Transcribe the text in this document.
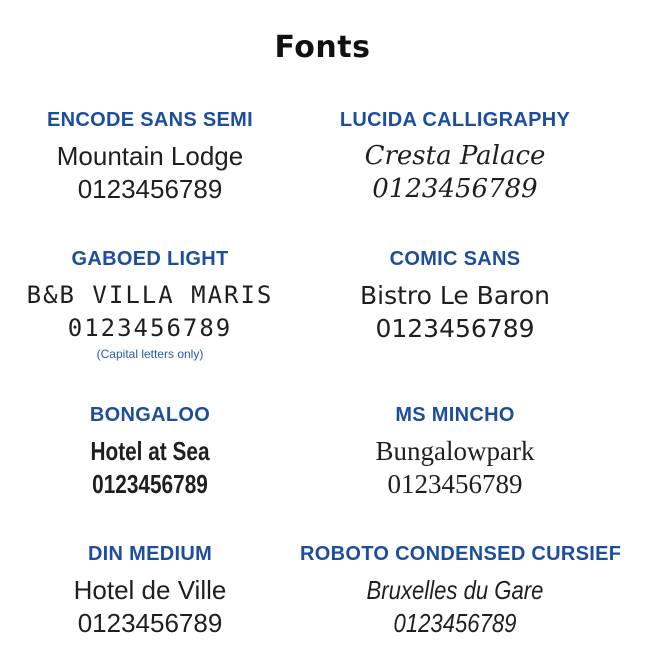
Fonts
ENCODE SANS SEMI
Mountain Lodge
0123456789
LUCIDA CALLIGRAPHY
Cresta Palace
0123456789
GABOED LIGHT
B&B VILLA MARIS
0123456789
(Capital letters only)
COMIC SANS
Bistro Le Baron
0123456789
BONGALOO
Hotel at Sea
0123456789
MS MINCHO
Bungalowpark
0123456789
DIN MEDIUM
Hotel de Ville
0123456789
ROBOTO CONDENSED CURSIEF
Bruxelles du Gare
0123456789
